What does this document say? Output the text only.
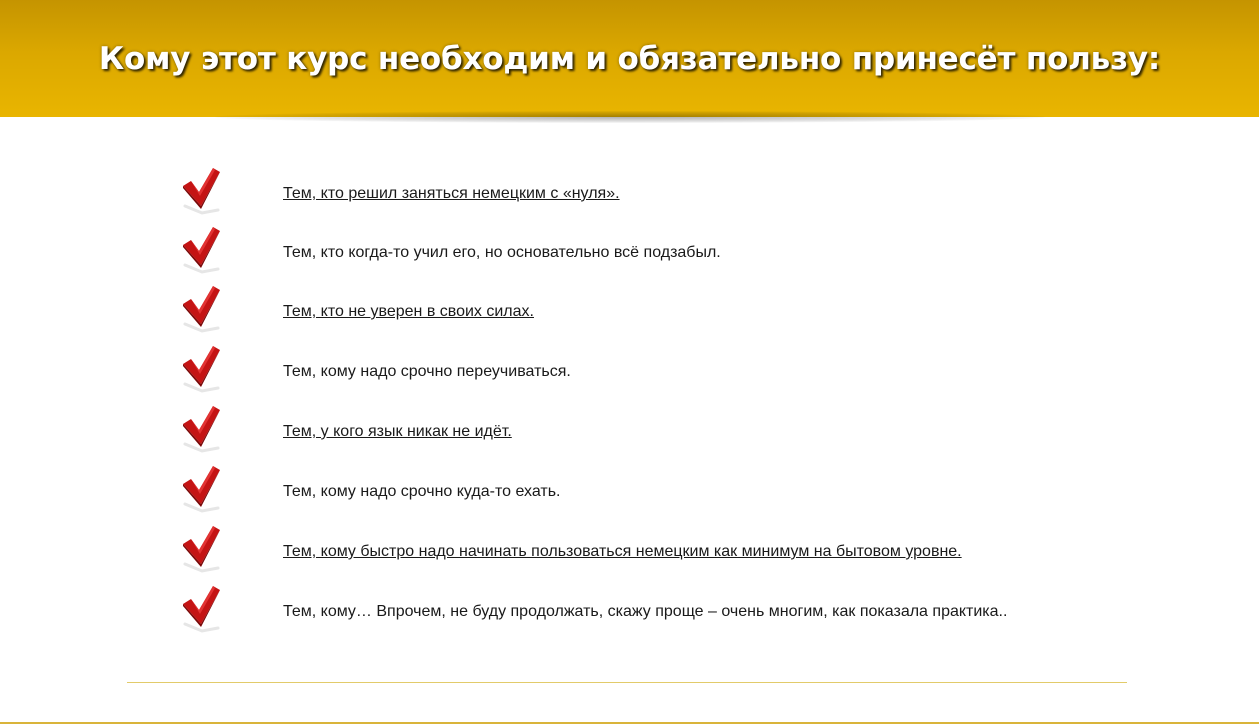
Кому этот курс необходим и обязательно принесёт пользу:
Тем, кто решил заняться немецким с «нуля».
Тем, кто когда-то учил его, но основательно всё подзабыл.
Тем, кто не уверен в своих силах.
Тем, кому надо срочно переучиваться.
Тем, у кого язык никак не идёт.
Тем, кому надо срочно куда-то ехать.
Тем, кому быстро надо начинать пользоваться немецким как минимум на бытовом уровне.
Тем, кому… Впрочем, не буду продолжать, скажу проще – очень многим, как показала практика..
